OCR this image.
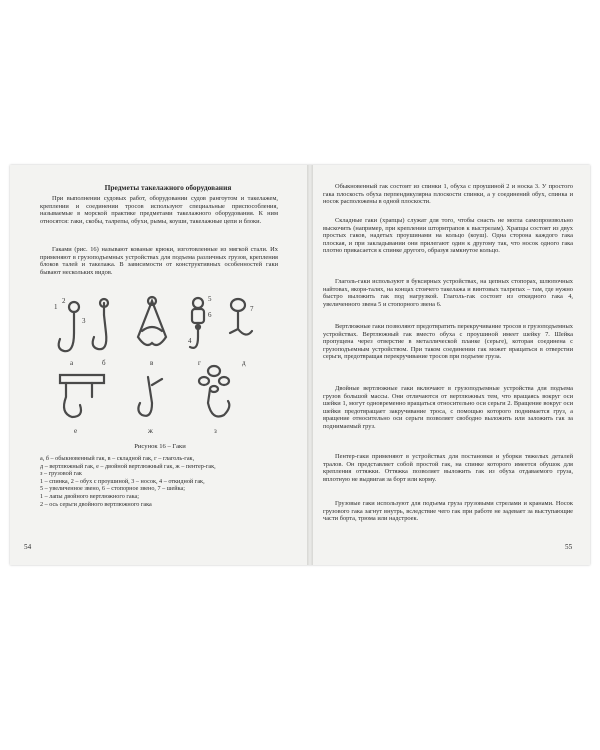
Предметы такелажного оборудования
При выполнении судовых работ, оборудовании судов рангоутом и такелажем, креплении и соединении тросов используют специальные приспособления, называемые в морской практике предметами такелажного оборудования. К ним относятся: гаки, скобы, талрепы, обухи, рымы, коуши, такелажные цепи и блоки.
Гаками (рис. 16) называют кованые крюки, изготовленные из мягкой стали. Их применяют в грузоподъемных устройствах для подъема различных грузов, крепления блоков талей и такелажа. В зависимости от конструктивных особенностей гаки бывают нескольких видов.
а	б	в	г	д
е	ж	з
1
2
3
4
5
6
7
Рисунок 16 – Гаки
а, б – обыкновенный гак, в – складной гак, г – глаголь-гак,
д – вертлюжный гак, е – двойной вертлюжный гак, ж – пентер-гак,
з – грузовой гак
1 – спинка, 2 – обух с проушиной, 3 – носок, 4 – откидной гак,
5 – увеличенное звено, 6 – стопорное звено, 7 – шейка;
1 – лапы двойного вертлюжного гака;
2 – ось серьги двойного вертлюжного гака
54
Обыкновенный гак состоит из спинки 1, обуха с проушиной 2 и носка 3. У простого гака плоскость обуха перпендикулярна плоскости спинки, а у соединений обух, спинка и носок расположены в одной плоскости.
Складные гаки (храпцы) служат для того, чтобы снасть не могла самопроизвольно выскочить (например, при креплении штормтрапов к выстрелам). Храпцы состоят из двух простых гаков, надетых проушинами на кольцо (коуш). Одна сторона каждого гака плоская, и при закладывании они прилегают один к другому так, что носок одного гака плотно прикасается к спинке другого, образуя замкнутое кольцо.
Глаголь-гаки используют в буксирных устройствах, на цепных стопорах, шлюпочных найтовах, якоря-талях, на концах стоячего такелажа и винтовых талрепах – там, где нужно быстро выложить гак под нагрузкой. Глаголь-гак состоит из откидного гака 4, увеличенного звена 5 и стопорного звена 6.
Вертлюжные гаки позволяют предотвратить перекручивание тросов в грузоподъемных устройствах. Вертлюжный гак вместо обуха с проушиной имеет шейку 7. Шейка пропущена через отверстие в металлической планке (серьге), которая соединена с грузоподъемным устройством. При таком соединении гак может вращаться в отверстии серьги, предотвращая перекручивание тросов при подъеме груза.
Двойные вертлюжные гаки включают в грузоподъемные устройства для подъема грузов большой массы. Они отличаются от вертлюжных тем, что вращаясь вокруг оси шейки 1, могут одновременно вращаться относительно оси серьги 2. Вращение вокруг оси шейки предотвращает закручивание троса, с помощью которого поднимается груз, а вращение относительно оси серьги позволяет свободно выложить или заложить гак за поднимаемый груз.
Пентер-гаки применяют в устройствах для постановки и уборки тяжелых деталей тралов. Он представляет собой простой гак, на спинке которого имеется обушок для крепления оттяжки. Оттяжка позволяет выложить гак из обуха отдаваемого груза, вплотную не выдвигая за борт или корму.
Грузовые гаки используют для подъема груза грузовыми стрелами и кранами. Носок грузового гака загнут внутрь, вследствие чего гак при работе не задевает за выступающие части борта, трюма или надстроек.
55
